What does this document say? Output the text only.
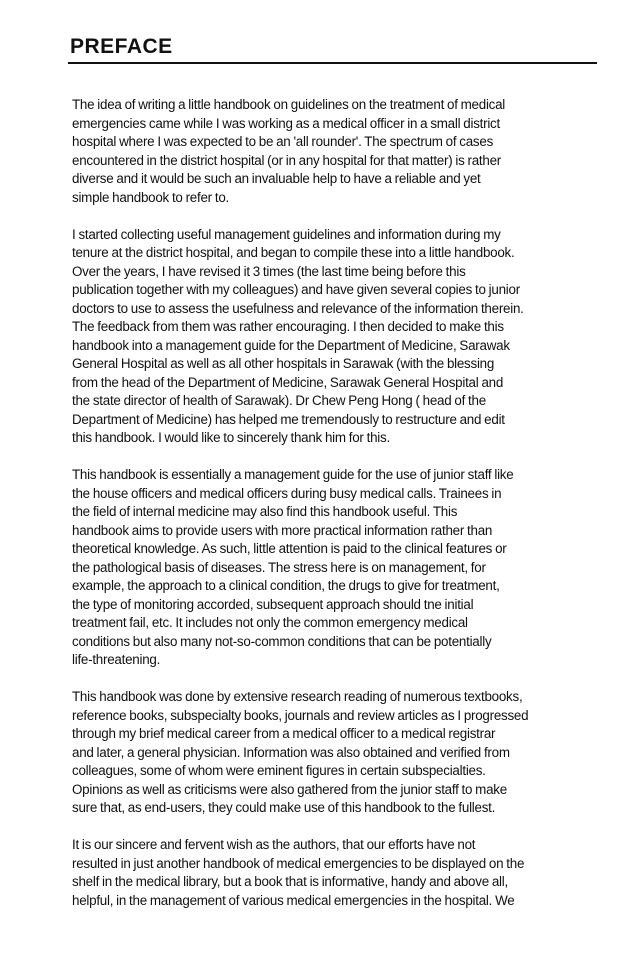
PREFACE

The idea of writing a little handbook on guidelines on the treatment of medical
emergencies came while I was working as a medical officer in a small district
hospital where I was expected to be an 'all rounder'. The spectrum of cases
encountered in the district hospital (or in any hospital for that matter) is rather
diverse and it would be such an invaluable help to have a reliable and yet
simple handbook to refer to.

I started collecting useful management guidelines and information during my
tenure at the district hospital, and began to compile these into a little handbook.
Over the years, I have revised it 3 times (the last time being before this
publication together with my colleagues) and have given several copies to junior
doctors to use to assess the usefulness and relevance of the information therein.
The feedback from them was rather encouraging. I then decided to make this
handbook into a management guide for the Department of Medicine, Sarawak
General Hospital as well as all other hospitals in Sarawak (with the blessing
from the head of the Department of Medicine, Sarawak General Hospital and
the state director of health of Sarawak). Dr Chew Peng Hong ( head of the
Department of Medicine) has helped me tremendously to restructure and edit
this handbook. I would like to sincerely thank him for this.

This handbook is essentially a management guide for the use of junior staff like
the house officers and medical officers during busy medical calls. Trainees in
the field of internal medicine may also find this handbook useful. This
handbook aims to provide users with more practical information rather than
theoretical knowledge. As such, little attention is paid to the clinical features or
the pathological basis of diseases. The stress here is on management, for
example, the approach to a clinical condition, the drugs to give for treatment,
the type of monitoring accorded, subsequent approach should tne initial
treatment fail, etc. It includes not only the common emergency medical
conditions but also many not-so-common conditions that can be potentially
life-threatening.

This handbook was done by extensive research reading of numerous textbooks,
reference books, subspecialty books, journals and review articles as I progressed
through my brief medical career from a medical officer to a medical registrar
and later, a general physician. Information was also obtained and verified from
colleagues, some of whom were eminent figures in certain subspecialties.
Opinions as well as criticisms were also gathered from the junior staff to make
sure that, as end-users, they could make use of this handbook to the fullest.

It is our sincere and fervent wish as the authors, that our efforts have not
resulted in just another handbook of medical emergencies to be displayed on the
shelf in the medical library, but a book that is informative, handy and above all,
helpful, in the management of various medical emergencies in the hospital. We
